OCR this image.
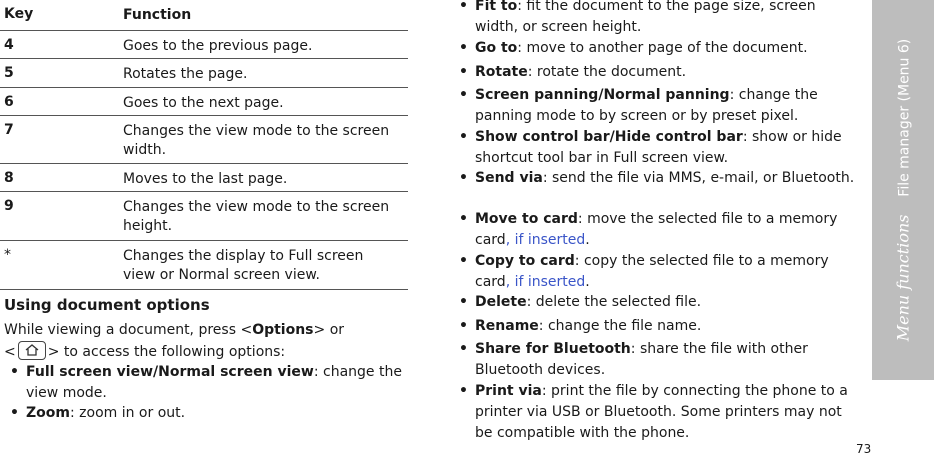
Key	Function
4	Goes to the previous page.
5	Rotates the page.
6	Goes to the next page.
7	Changes the view mode to the screen width.
8	Moves to the last page.
9	Changes the view mode to the screen height.
*	Changes the display to Full screen view or Normal screen view.
Using document options
While viewing a document, press <Options> or
< > to access the following options:
• Full screen view/Normal screen view: change the view mode.
• Zoom: zoom in or out.
• Fit to: fit the document to the page size, screen width, or screen height.
• Go to: move to another page of the document.
• Rotate: rotate the document.
• Screen panning/Normal panning: change the panning mode to by screen or by preset pixel.
• Show control bar/Hide control bar: show or hide shortcut tool bar in Full screen view.
• Send via: send the file via MMS, e-mail, or Bluetooth.
• Move to card: move the selected file to a memory card, if inserted.
• Copy to card: copy the selected file to a memory card, if inserted.
• Delete: delete the selected file.
• Rename: change the file name.
• Share for Bluetooth: share the file with other Bluetooth devices.
• Print via: print the file by connecting the phone to a printer via USB or Bluetooth. Some printers may not be compatible with the phone.
Menu functions    File manager (Menu 6)
73
